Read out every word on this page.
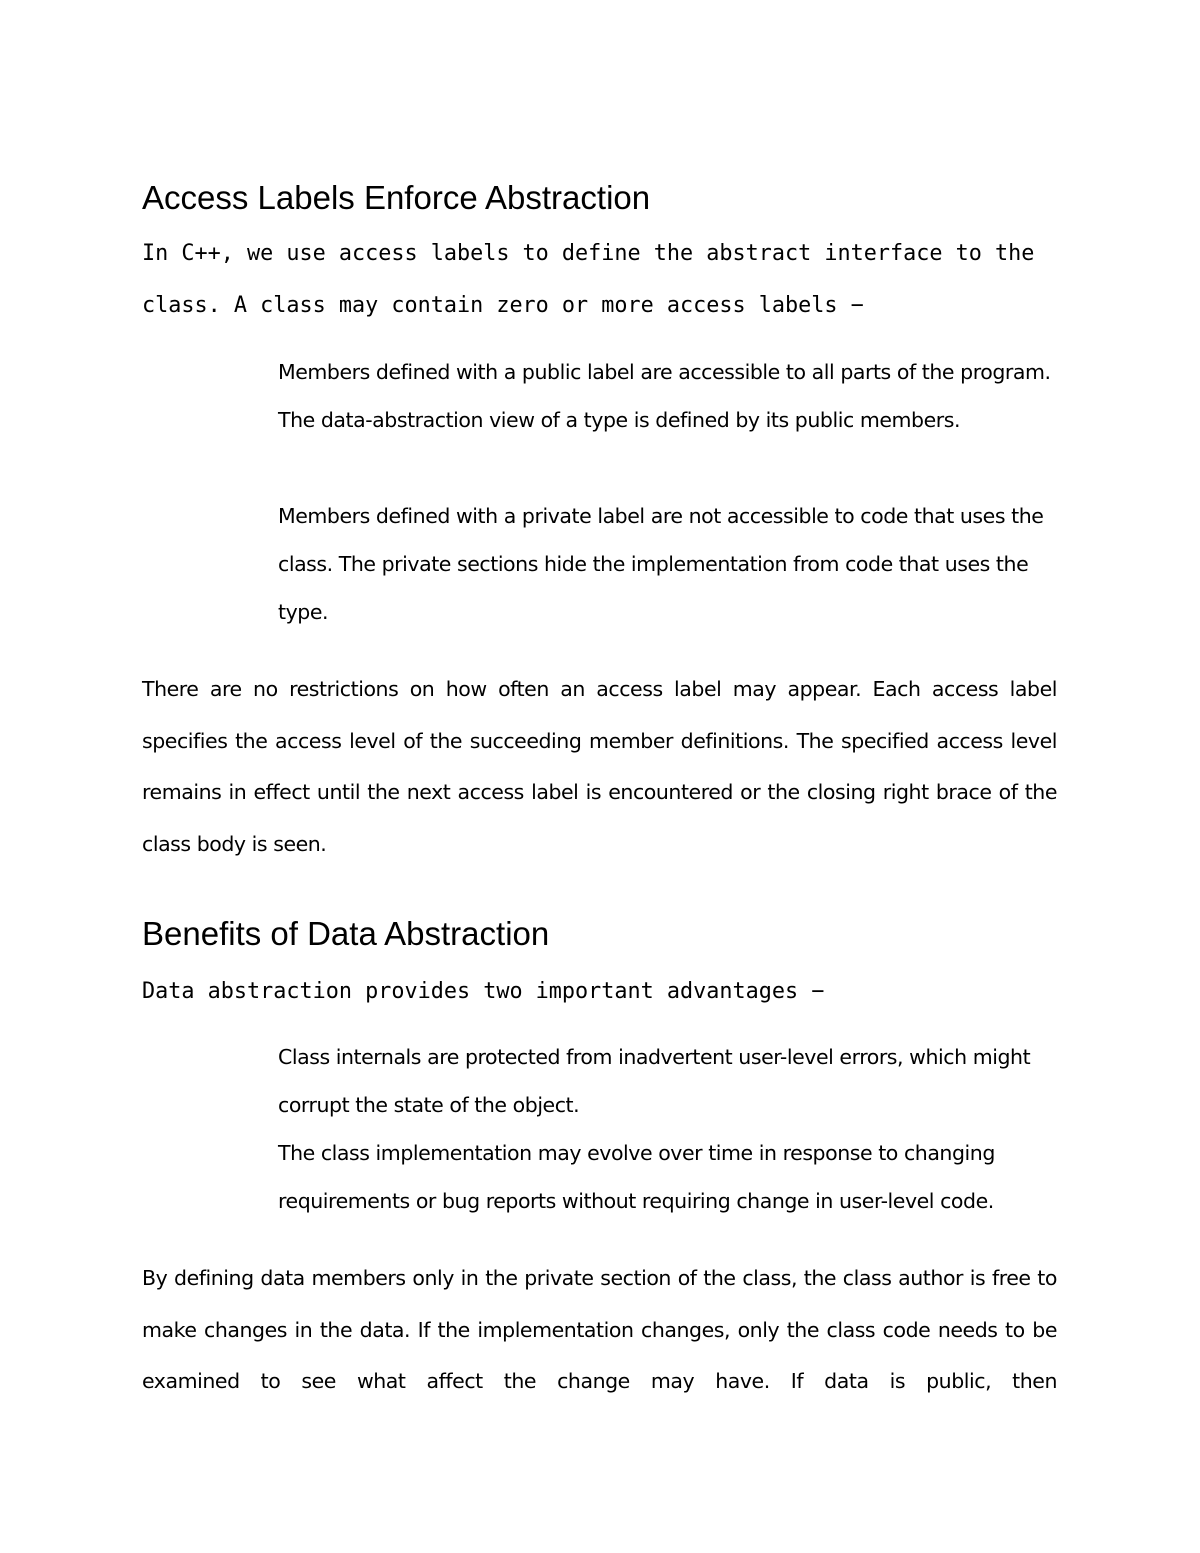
Access Labels Enforce Abstraction

In C++, we use access labels to define the abstract interface to the class. A class may contain zero or more access labels −

Members defined with a public label are accessible to all parts of the program. The data-abstraction view of a type is defined by its public members.

Members defined with a private label are not accessible to code that uses the class. The private sections hide the implementation from code that uses the type.

There are no restrictions on how often an access label may appear. Each access label specifies the access level of the succeeding member definitions. The specified access level remains in effect until the next access label is encountered or the closing right brace of the class body is seen.

Benefits of Data Abstraction

Data abstraction provides two important advantages −

Class internals are protected from inadvertent user-level errors, which might corrupt the state of the object.

The class implementation may evolve over time in response to changing requirements or bug reports without requiring change in user-level code.

By defining data members only in the private section of the class, the class author is free to make changes in the data. If the implementation changes, only the class code needs to be examined to see what affect the change may have. If data is public, then
